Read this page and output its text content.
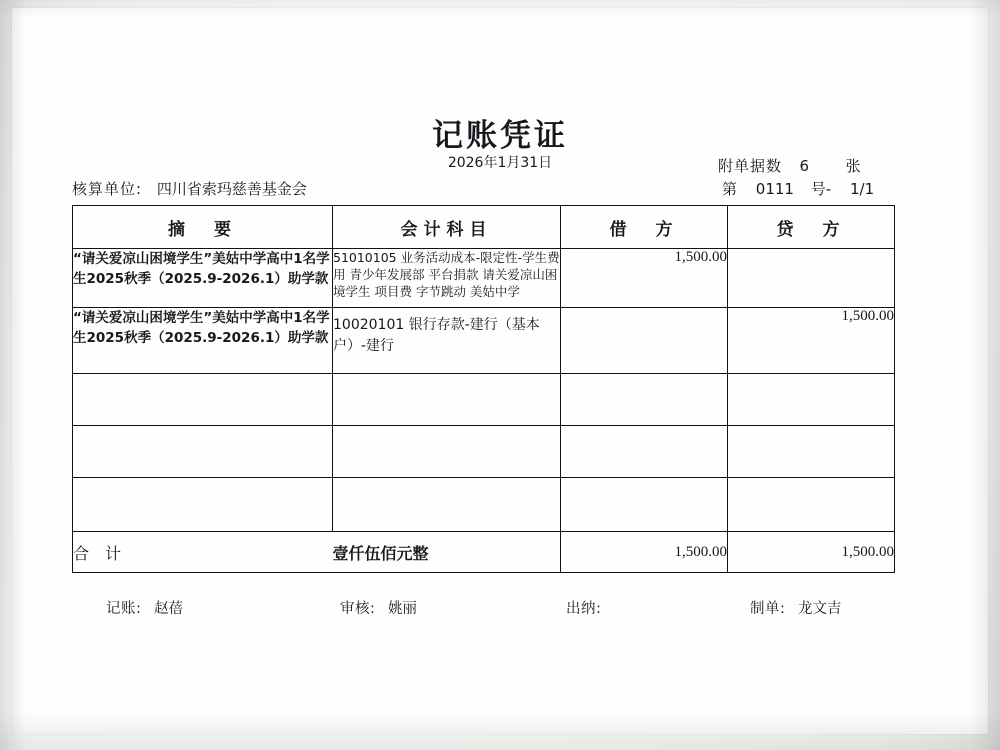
记账凭证
2026年1月31日	附单据数 6 张
核算单位: 四川省索玛慈善基金会	第 0111 号- 1/1
摘　要	会计科目	借　方	贷　方
“请关爱凉山困境学生”美姑中学高中1名学生2025秋季（2025.9-2026.1）助学款	51010105 业务活动成本-限定性-学生费用 青少年发展部 平台捐款 请关爱凉山困境学生 项目费 字节跳动 美姑中学	1,500.00	
“请关爱凉山困境学生”美姑中学高中1名学生2025秋季（2025.9-2026.1）助学款	10020101 银行存款-建行（基本户）-建行		1,500.00

合　计	壹仟伍佰元整	1,500.00	1,500.00
记账: 赵蓓	审核: 姚丽	出纳:	制单: 龙文吉
